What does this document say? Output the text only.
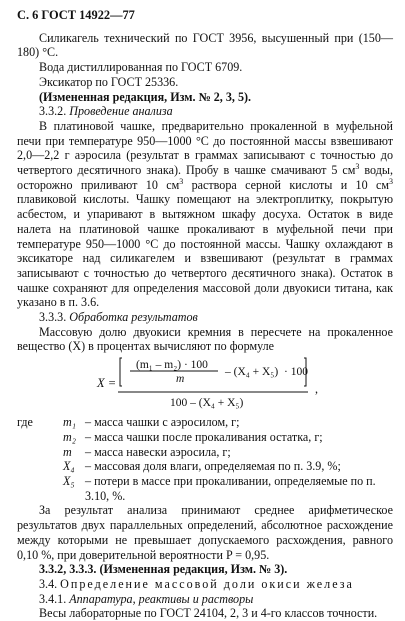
С. 6 ГОСТ 14922—77

Силикагель технический по ГОСТ 3956, высушенный при (150—180) °С.

Вода дистиллированная по ГОСТ 6709.

Эксикатор по ГОСТ 25336.

(Измененная редакция, Изм. № 2, 3, 5).

3.3.2. Проведение анализа

В платиновой чашке, предварительно прокаленной в муфельной печи при температуре 950—1000 °С до постоянной массы взвешивают 2,0—2,2 г аэросила (результат в граммах записывают с точностью до четвертого десятичного знака). Пробу в чашке смачивают 5 $см^3$ воды, осторожно приливают 10 $см^3$ раствора серной кислоты и 10 $см^3$ плавиковой кислоты. Чашку помещают на электроплитку, покрытую асбестом, и упаривают в вытяжном шкафу досуха. Остаток в виде налета на платиновой чашке прокаливают в муфельной печи при температуре 950—1000 °С до постоянной массы. Чашку охлаждают в эксикаторе над силикагелем и взвешивают (результат в граммах записывают с точностью до четвертого десятичного знака). Остаток в чашке сохраняют для определения массовой доли двуокиси титана, как указано в п. 3.6.

3.3.3. Обработка результатов

Массовую долю двуокиси кремния в пересчете на прокаленное вещество (X) в процентах вычисляют по формуле

X =
(m₁ – m₂) · 100
m
– (X₄ + X₅) · 100
100 – (X₄ + X₅)
,
где	m₁ – масса чашки с аэросилом, г;
m₂ – масса чашки после прокаливания остатка, г;
m	– масса навески аэросила, г;
X₄ – массовая доля влаги, определяемая по п. 3.9, %;
X₅ – потери в массе при прокаливании, определяемые по п. 3.10, %.

За результат анализа принимают среднее арифметическое результатов двух параллельных определений, абсолютное расхождение между которыми не превышает допускаемого расхождения, равного 0,10 %, при доверительной вероятности P = 0,95.

3.3.2, 3.3.3. (Измененная редакция, Изм. № 3).

3.4. Определение массовой доли окиси железа

3.4.1. Аппаратура, реактивы и растворы

Весы лабораторные по ГОСТ 24104, 2, 3 и 4-го классов точности.
